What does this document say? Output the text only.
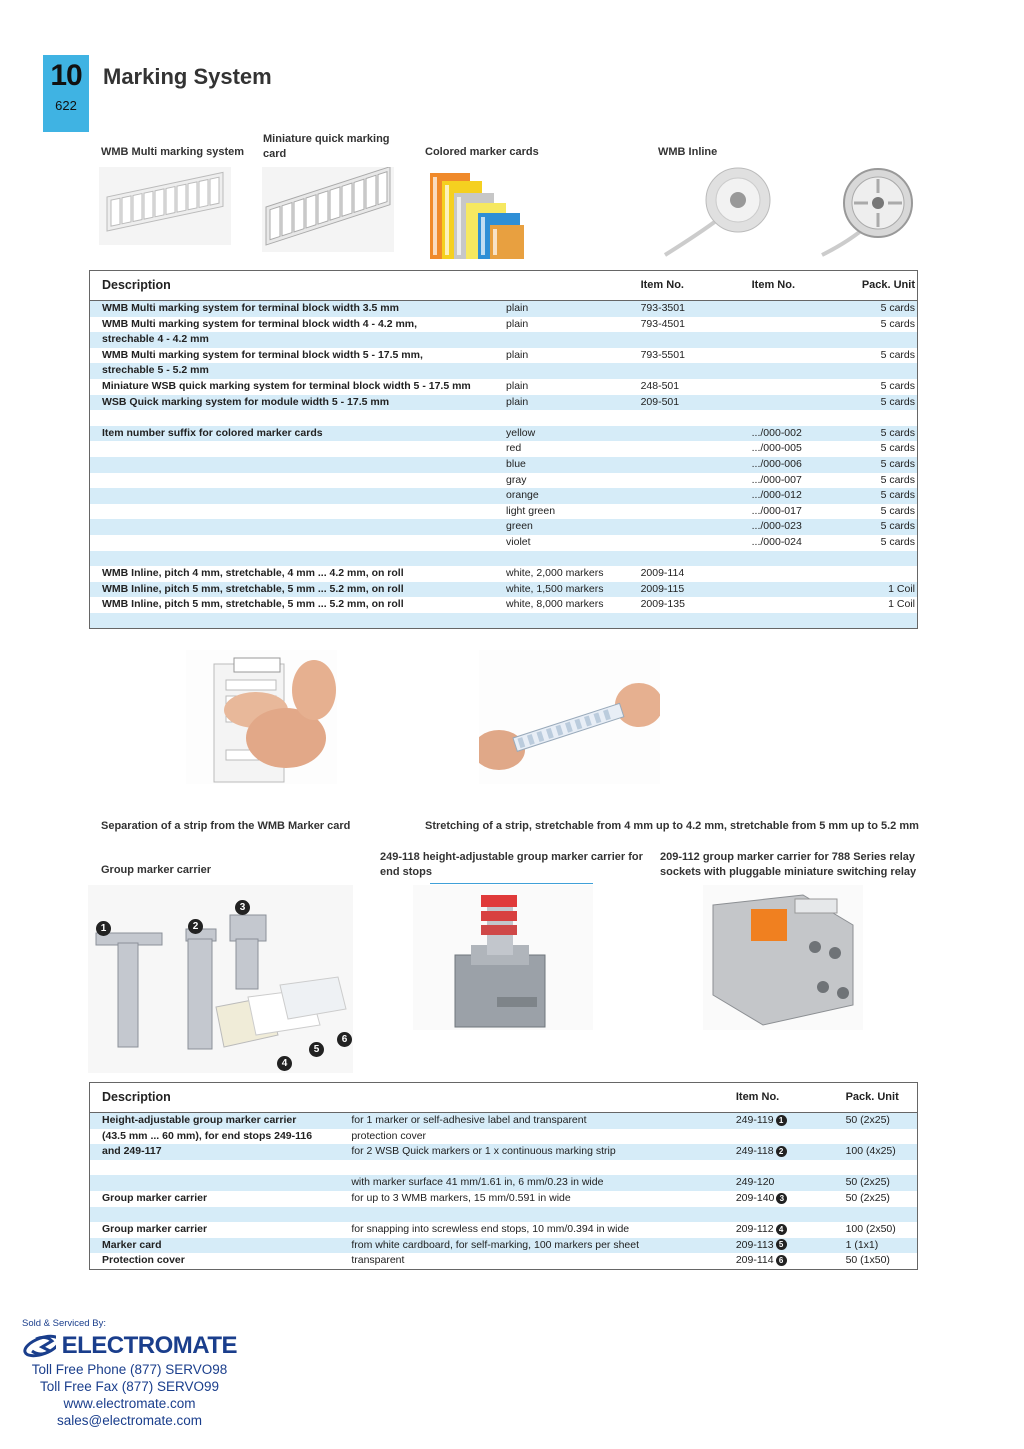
10
622
Marking System
WMB Multi marking system
Miniature quick marking card	Colored marker cards	WMB Inline
Description		Item No.	Item No.	Pack. Unit
WMB Multi marking system for terminal block width 3.5 mm	plain	793-3501		5 cards
WMB Multi marking system for terminal block width 4 - 4.2 mm,	plain	793-4501		5 cards
strechable 4 - 4.2 mm				
WMB Multi marking system for terminal block width 5 - 17.5 mm,	plain	793-5501		5 cards
strechable 5 - 5.2 mm				
Miniature WSB quick marking system for terminal block width 5 - 17.5 mm	plain	248-501		5 cards
WSB Quick marking system for module width 5 - 17.5 mm	plain	209-501		5 cards

Item number suffix for colored marker cards	yellow		.../000-002	5 cards
	red		.../000-005	5 cards
	blue		.../000-006	5 cards
	gray		.../000-007	5 cards
	orange		.../000-012	5 cards
	light green		.../000-017	5 cards
	green		.../000-023	5 cards
	violet		.../000-024	5 cards

WMB Inline, pitch 4 mm, stretchable, 4 mm ... 4.2 mm, on roll	white, 2,000 markers	2009-114		
WMB Inline, pitch 5 mm, stretchable, 5 mm ... 5.2 mm, on roll	white, 1,500 markers	2009-115		1 Coil
WMB Inline, pitch 5 mm, stretchable, 5 mm ... 5.2 mm, on roll	white, 8,000 markers	2009-135		1 Coil

Separation of a strip from the WMB Marker card	Stretching of a strip, stretchable from 4 mm up to 4.2 mm, stretchable from 5 mm up to 5.2 mm
Group marker carrier
249-118 height-adjustable group marker carrier for end stops
209-112 group marker carrier for 788 Series relay sockets with pluggable miniature switching relay
1	2
3
4
5
6
Description		Item No.	Pack. Unit
Height-adjustable group marker carrier	for 1 marker or self-adhesive label and transparent	249-119 1	50 (2x25)
(43.5 mm ... 60 mm), for end stops 249-116	protection cover		
and 249-117	for 2 WSB Quick markers or 1 x continuous marking strip	249-118 2	100 (4x25)

	with marker surface 41 mm/1.61 in, 6 mm/0.23 in wide	249-120	50 (2x25)
Group marker carrier	for up to 3 WMB markers, 15 mm/0.591 in wide	209-140 3	50 (2x25)

Group marker carrier	for snapping into screwless end stops, 10 mm/0.394 in wide	209-112 4	100 (2x50)
Marker card	from white cardboard, for self-marking, 100 markers per sheet	209-113 5	1 (1x1)
Protection cover	transparent	209-114 6	50 (1x50)
Sold & Serviced By:
ELECTROMATE
Toll Free Phone (877) SERVO98
Toll Free Fax (877) SERVO99
www.electromate.com
sales@electromate.com
